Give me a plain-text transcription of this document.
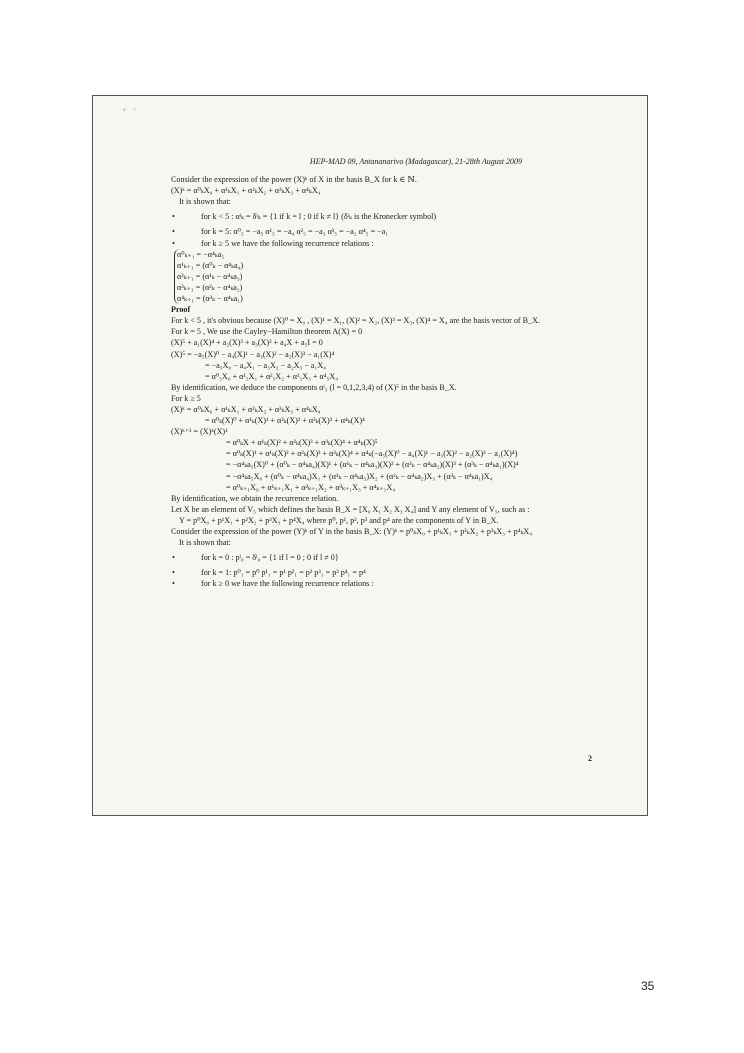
⸗   ◦
HEP-MAD 09, Antananarivo (Madagascar), 21-28th August 2009
Consider the expression of the power (X)ᵏ of X in the basis B_X for k ∈ ℕ.
(X)ᵏ = α⁰ₖX₀ + α¹ₖX₁ + α²ₖX₂ + α³ₖX₃ + α⁴ₖX₄
It is shown that:
•	for k < 5 : αˡₖ = δˡₖ = {1 if k = l ; 0 if k ≠ l} (δˡₖ is the Kronecker symbol)
•	for k = 5: α⁰₅ = −a₅ α¹₅ = −a₄ α²₅ = −a₃ α³₅ = −a₂ α⁴₅ = −a₁
•	for k ≥ 5 we have the following recurrence relations :
α⁰ₖ₊₁ = −α⁴ₖa₅
α¹ₖ₊₁ = (α⁰ₖ − α⁴ₖa₄)
α²ₖ₊₁ = (α¹ₖ − α⁴ₖa₃)
α³ₖ₊₁ = (α²ₖ − α⁴ₖa₂)
α⁴ₖ₊₁ = (α³ₖ − α⁴ₖa₁)
Proof
For k < 5 , it's obvious because (X)⁰ = X₀ , (X)¹ = X₁, (X)² = X₂, (X)³ = X₃, (X)⁴ = X₄ are the basis vector of B_X.
For k = 5 , We use the Cayley−Hamilton theorem A(X) = 0
(X)⁵ + a₁(X)⁴ + a₂(X)³ + a₃(X)² + a₄X + a₅I = 0
(X)⁵ = −a₅(X)⁰ − a₄(X)¹ − a₃(X)² − a₂(X)³ − a₁(X)⁴
= −a₅X₀ − a₄X₁ − a₃X₂ − a₂X₃ − a₁X₄
= α⁰₅X₀ + α¹₅X₁ + α²₅X₂ + α³₅X₃ + α⁴₅X₄
By identification, we deduce the components αˡ₅ (l = 0,1,2,3,4) of (X)⁵ in the basis B_X.
For k ≥ 5
(X)ᵏ = α⁰ₖX₀ + α¹ₖX₁ + α²ₖX₂ + α³ₖX₃ + α⁴ₖX₄
= α⁰ₖ(X)⁰ + α¹ₖ(X)¹ + α²ₖ(X)² + α³ₖ(X)³ + α⁴ₖ(X)⁴
(X)ᵏ⁺¹ = (X)ᵏ(X)¹
= α⁰ₖX + α¹ₖ(X)² + α²ₖ(X)³ + α³ₖ(X)⁴ + α⁴ₖ(X)⁵
= α⁰ₖ(X)¹ + α¹ₖ(X)² + α²ₖ(X)³ + α³ₖ(X)⁴ + α⁴ₖ(−a₅(X)⁰ − a₄(X)¹ − a₃(X)² − a₂(X)³ − a₁(X)⁴)
= −α⁴ₖa₅(X)⁰ + (α⁰ₖ − α⁴ₖa₄)(X)¹ + (α¹ₖ − α⁴ₖa₃)(X)² + (α²ₖ − α⁴ₖa₂)(X)³ + (α³ₖ − α⁴ₖa₁)(X)⁴
= −α⁴ₖa₅X₀ + (α⁰ₖ − α⁴ₖa₄)X₁ + (α¹ₖ − α⁴ₖa₃)X₂ + (α²ₖ − α⁴ₖa₂)X₃ + (α³ₖ − α⁴ₖa₁)X₄
= α⁰ₖ₊₁X₀ + α¹ₖ₊₁X₁ + α²ₖ₊₁X₂ + α³ₖ₊₁X₃ + α⁴ₖ₊₁X₄
By identification, we obtain the recurrence relation.
Let X be an element of V₅ which defines the basis B_X = [X₀ X₁ X₂ X₃ X₄] and Y any element of V₅, such as :
Y = p⁰X₀ + p¹X₁ + p²X₂ + p³X₃ + p⁴X₄ where p⁰, p¹, p², p³ and p⁴ are the components of Y in B_X.
Consider the expression of the power (Y)ᵏ of Y in the basis B_X: (Y)ᵏ = p⁰ₖX₀ + p¹ₖX₁ + p²ₖX₂ + p³ₖX₃ + p⁴ₖX₄
It is shown that:
•	for k = 0 : pˡ₀ = δˡ₀ = {1 if l = 0 ; 0 if l ≠ 0}
•	for k = 1: p⁰₁ = p⁰ p¹₁ = p¹ p²₁ = p² p³₁ = p³ p⁴₁ = p⁴
•	for k ≥ 0 we have the following recurrence relations :
2
35
